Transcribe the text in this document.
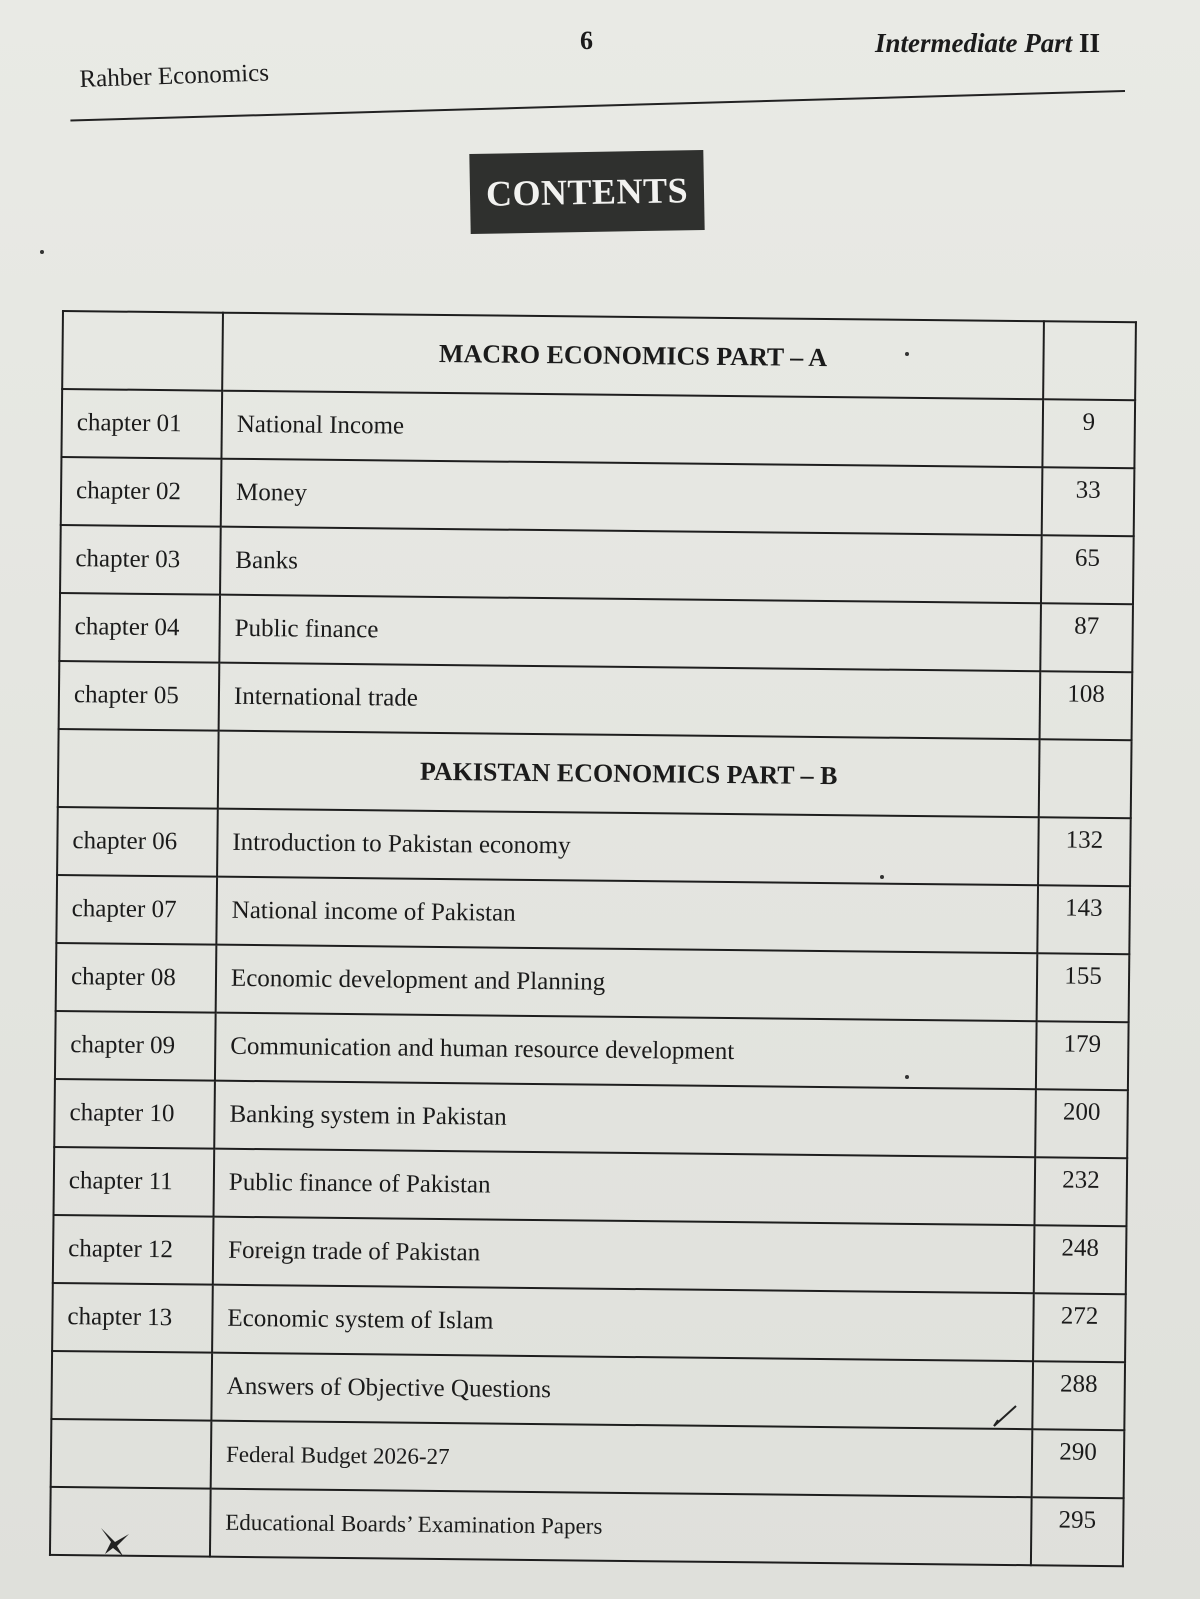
Rahber Economics
6	Intermediate Part II
CONTENTS
	MACRO ECONOMICS PART – A	
chapter 01	National Income	9
chapter 02	Money	33
chapter 03	Banks	65
chapter 04	Public finance	87
chapter 05	International trade	108
	PAKISTAN ECONOMICS PART – B	
chapter 06	Introduction to Pakistan economy	132
chapter 07	National income of Pakistan	143
chapter 08	Economic development and Planning	155
chapter 09	Communication and human resource development	179
chapter 10	Banking system in Pakistan	200
chapter 11	Public finance of Pakistan	232
chapter 12	Foreign trade of Pakistan	248
chapter 13	Economic system of Islam	272
	Answers of Objective Questions	288
	Federal Budget 2026-27	290
	Educational Boards’ Examination Papers	295
